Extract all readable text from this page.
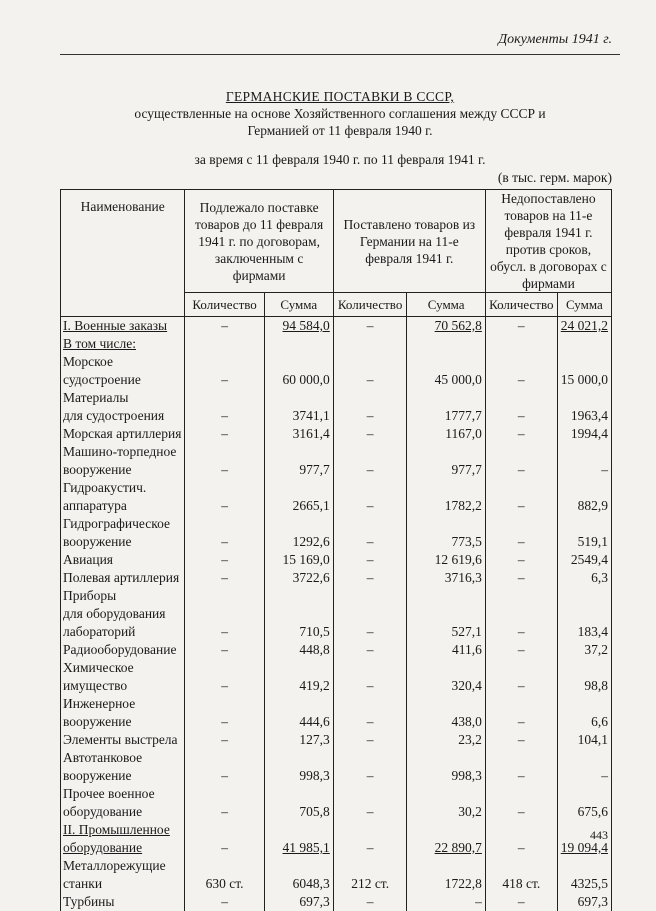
Документы 1941 г.
ГЕРМАНСКИЕ ПОСТАВКИ В СССР,
осуществленные на основе Хозяйственного соглашения между СССР и
Германией от 11 февраля 1940 г.
за время с 11 февраля 1940 г. по 11 февраля 1941 г.
(в тыс. герм. марок)
Наименование	Подлежало поставке товаров до 11 февраля 1941 г. по договорам, заключенным с фирмами		Поставлено товаров из Германии на 11-е февраля 1941 г.		Недопоставлено товаров на 11-е февраля 1941 г. против сроков, обусл. в договорах с фирмами	
	Количество	Сумма	Количество	Сумма	Количество	Сумма

I. Военные заказы	–	94 584,0	–	70 562,8	–	24 021,2

В том числе:						

Морское
судостроение	–	60 000,0	–	45 000,0	–	15 000,0

Материалы
для судостроения	–	3741,1	–	1777,7	–	1963,4

Морская артиллерия	–	3161,4	–	1167,0	–	1994,4

Машино-торпедное
вооружение	–	977,7	–	977,7	–	–

Гидроакустич.
аппаратура	–	2665,1	–	1782,2	–	882,9

Гидрографическое
вооружение	–	1292,6	–	773,5	–	519,1

Авиация	–	15 169,0	–	12 619,6	–	2549,4

Полевая артиллерия	–	3722,6	–	3716,3	–	6,3

Приборы
для оборудования
лабораторий	–	710,5	–	527,1	–	183,4

Радиооборудование	–	448,8	–	411,6	–	37,2

Химическое
имущество	–	419,2	–	320,4	–	98,8

Инженерное
вооружение	–	444,6	–	438,0	–	6,6

Элементы выстрела	–	127,3	–	23,2	–	104,1

Автотанковое
вооружение	–	998,3	–	998,3	–	–

Прочее военное
оборудование	–	705,8	–	30,2	–	675,6

II. Промышленное
оборудование	–	41 985,1	–	22 890,7	–	19 094,4

Металлорежущие
станки	630 ст.	6048,3	212 ст.	1722,8	418 ст.	4325,5

Турбины	–	697,3	–	–	–	697,3
443
